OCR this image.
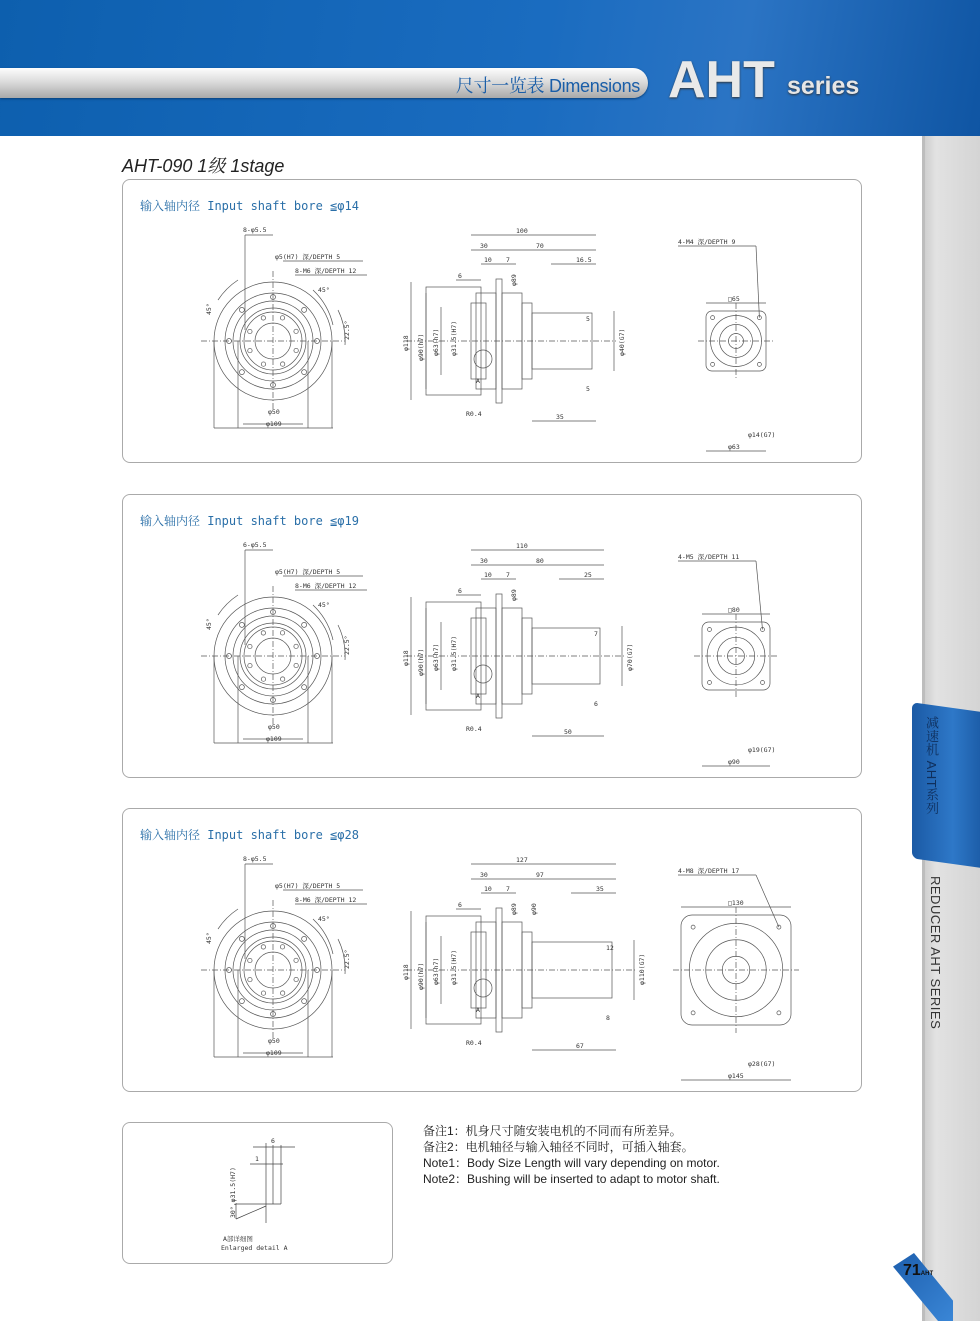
尺寸一览表 Dimensions AHT series
减速机 AHT系列
REDUCER AHT SERIES
AHT-090 1级 1stage
输入轴内径 Input shaft bore ≦φ14
8-φ5.5
φ5(H7) 深/DEPTH 5
8-M6 深/DEPTH 12
45°
45°
22.5°
φ50
φ109
100
30	70
10 7
6
16.5
φ89
φ118 φ90(h7) φ63(h7) φ31.5(H7)
A
R0.4
5
5
35
φ40(G7)
4-M4 深/DEPTH 9
□65
φ14(G7)
φ63
输入轴内径 Input shaft bore ≦φ19
6-φ5.5
φ5(H7) 深/DEPTH 5
8-M6 深/DEPTH 12
45°
45°
22.5°
φ50
φ109
110
30	80
10 7
6
25
φ89
φ118 φ90(h7) φ63(h7) φ31.5(H7)
A
R0.4
7
6
50
φ70(G7)
4-M5 深/DEPTH 11
□80
φ19(G7)
φ90
输入轴内径 Input shaft bore ≦φ28
8-φ5.5
φ5(H7) 深/DEPTH 5
8-M6 深/DEPTH 12
45°
45°
22.5°
φ50
φ109
127
30	97
10 7
6
35
φ89 φ90
φ118 φ90(h7) φ63(h7) φ31.5(H7)
A
R0.4
12
8
67
φ110(G7)
4-M8 深/DEPTH 17
□130
φ28(G7)
φ145
6
1
30°,φ31.5(H7)
A部详细图
Enlarged detail A
备注1：机身尺寸随安装电机的不同而有所差异。
备注2：电机轴径与输入轴径不同时，可插入轴套。
Note1：Body Size Length will vary depending on motor.
Note2：Bushing will be inserted to adapt to motor shaft.
71AHT
